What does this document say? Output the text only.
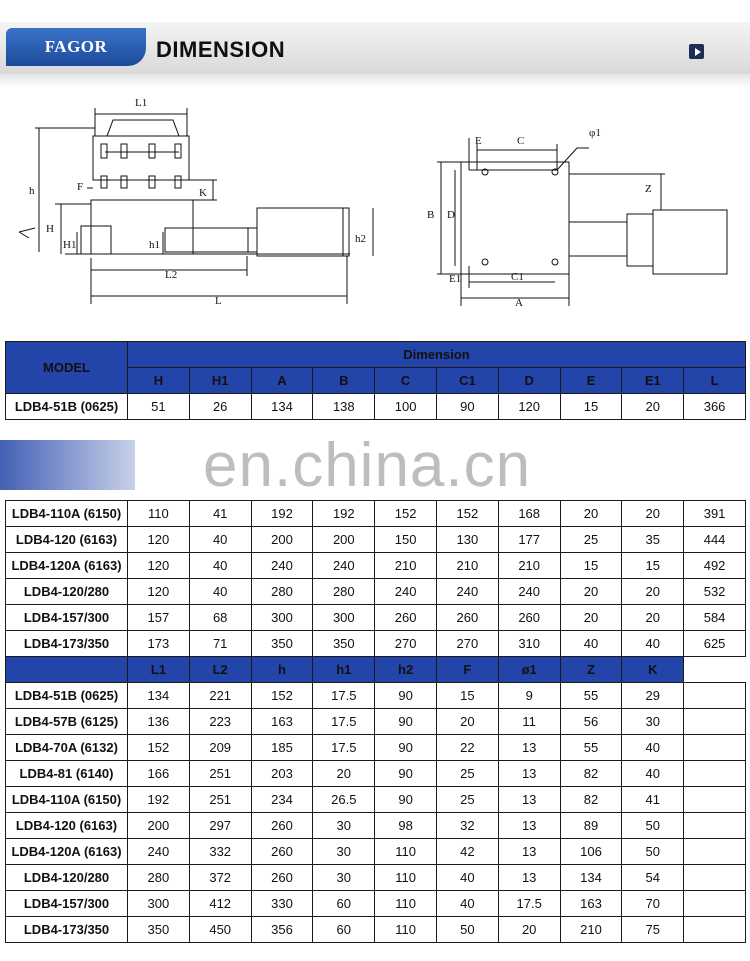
FAGOR	DIMENSION
L1
h	F	K
H
H1	h1	h2
L2
L
E	C
φ1
Z
B D
E1	C1
A
MODEL	Dimension									
	H	H1	A	B	C	C1	D	E	E1	L
LDB4-51B (0625)	51	26	134	138	100	90	120	15	20	366

LDB4-110A (6150)	110	41	192	192	152	152	168	20	20	391
LDB4-120 (6163)	120	40	200	200	150	130	177	25	35	444
LDB4-120A (6163)	120	40	240	240	210	210	210	15	15	492
LDB4-120/280	120	40	280	280	240	240	240	20	20	532
LDB4-157/300	157	68	300	300	260	260	260	20	20	584
LDB4-173/350	173	71	350	350	270	270	310	40	40	625
	L1	L2	h	h1	h2	F	ø1	Z	K	
LDB4-51B (0625)	134	221	152	17.5	90	15	9	55	29	
LDB4-57B (6125)	136	223	163	17.5	90	20	11	56	30	
LDB4-70A (6132)	152	209	185	17.5	90	22	13	55	40	
LDB4-81 (6140)	166	251	203	20	90	25	13	82	40	
LDB4-110A (6150)	192	251	234	26.5	90	25	13	82	41	
LDB4-120 (6163)	200	297	260	30	98	32	13	89	50	
LDB4-120A (6163)	240	332	260	30	110	42	13	106	50	
LDB4-120/280	280	372	260	30	110	40	13	134	54	
LDB4-157/300	300	412	330	60	110	40	17.5	163	70	
LDB4-173/350	350	450	356	60	110	50	20	210	75	
en.china.cn
